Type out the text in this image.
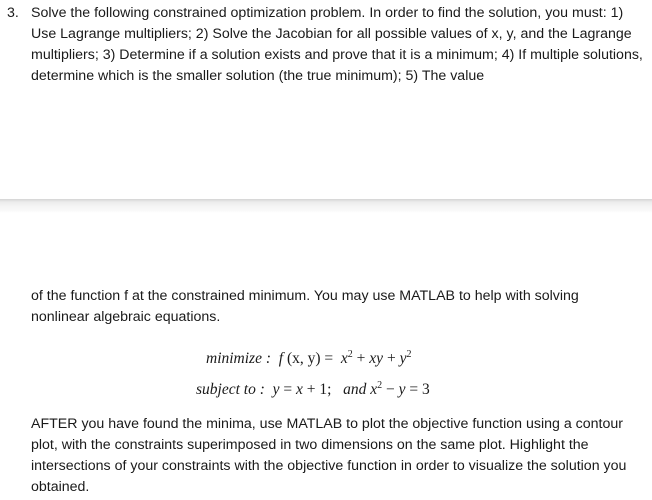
3. Solve the following constrained optimization problem. In order to find the solution, you must: 1) Use Lagrange multipliers; 2) Solve the Jacobian for all possible values of x, y, and the Lagrange multipliers; 3) Determine if a solution exists and prove that it is a minimum; 4) If multiple solutions, determine which is the smaller solution (the true minimum); 5) The value

of the function f at the constrained minimum. You may use MATLAB to help with solving nonlinear algebraic equations.

minimize : f (x, $y) = x^2$ + xy + $y^2$
subject to : y = x + 1; and $x^2 - y = 3$

AFTER you have found the minima, use MATLAB to plot the objective function using a contour plot, with the constraints superimposed in two dimensions on the same plot. Highlight the intersections of your constraints with the objective function in order to visualize the solution you obtained.
